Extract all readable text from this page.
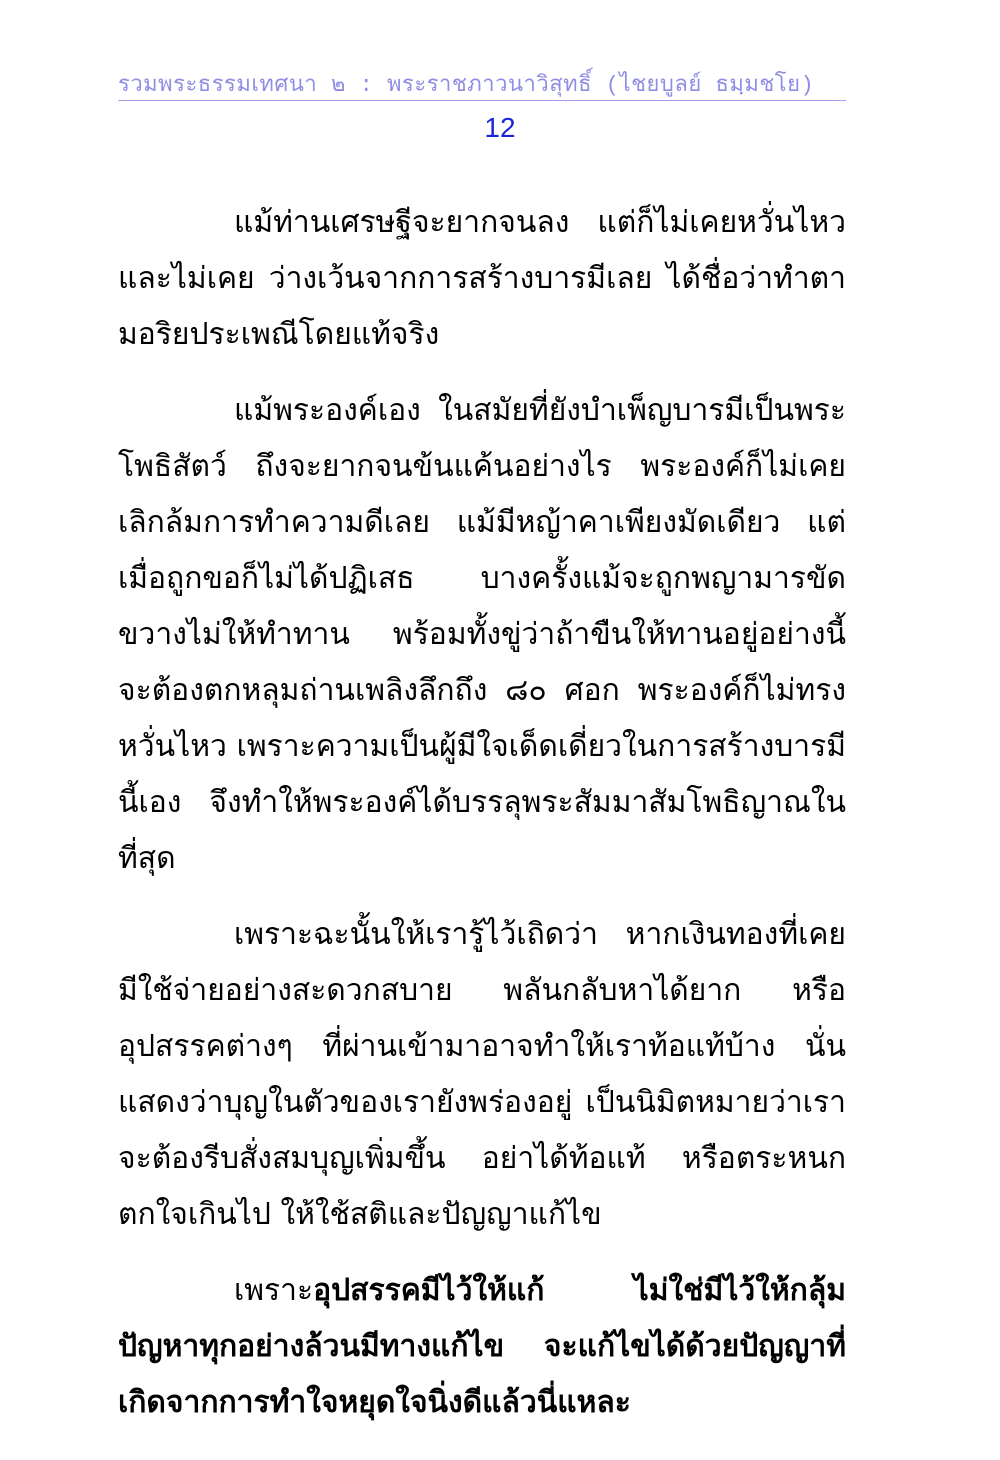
รวมพระธรรมเทศนา ๒ : พระราชภาวนาวิสุทธิ์ (ไชยบูลย์ ธมฺมชโย)
12

แม้ท่านเศรษฐีจะยากจนลง แต่ก็ไม่เคยหวั่นไหวและไม่เคย ว่างเว้นจากการสร้างบารมีเลย ได้ชื่อว่าทำตามอริยประเพณีโดยแท้จริง

แม้พระองค์เอง ในสมัยที่ยังบำเพ็ญบารมีเป็นพระโพธิสัตว์ ถึงจะยากจนข้นแค้นอย่างไร พระองค์ก็ไม่เคยเลิกล้มการทำความดีเลย แม้มีหญ้าคาเพียงมัดเดียว แต่เมื่อถูกขอก็ไม่ได้ปฏิเสธ บางครั้งแม้จะถูกพญามารขัดขวางไม่ให้ทำทาน พร้อมทั้งขู่ว่าถ้าขืนให้ทานอยู่อย่างนี้ จะต้องตกหลุมถ่านเพลิงลึกถึง ๘๐ ศอก พระองค์ก็ไม่ทรงหวั่นไหว เพราะความเป็นผู้มีใจเด็ดเดี่ยวในการสร้างบารมีนี้เอง จึงทำให้พระองค์ได้บรรลุพระสัมมาสัมโพธิญาณในที่สุด

เพราะฉะนั้นให้เรารู้ไว้เถิดว่า หากเงินทองที่เคยมีใช้จ่ายอย่างสะดวกสบาย พลันกลับหาได้ยาก หรืออุปสรรคต่างๆ ที่ผ่านเข้ามาอาจทำให้เราท้อแท้บ้าง นั่นแสดงว่าบุญในตัวของเรายังพร่องอยู่ เป็นนิมิตหมายว่าเราจะต้องรีบสั่งสมบุญเพิ่มขึ้น อย่าได้ท้อแท้ หรือตระหนกตกใจเกินไป ให้ใช้สติและปัญญาแก้ไข

เพราะอุปสรรคมีไว้ให้แก้ ไม่ใช่มีไว้ให้กลุ้ม ปัญหาทุกอย่างล้วนมีทางแก้ไข จะแก้ไขได้ด้วยปัญญาที่เกิดจากการทำใจหยุดใจนิ่งดีแล้วนี่แหละ
